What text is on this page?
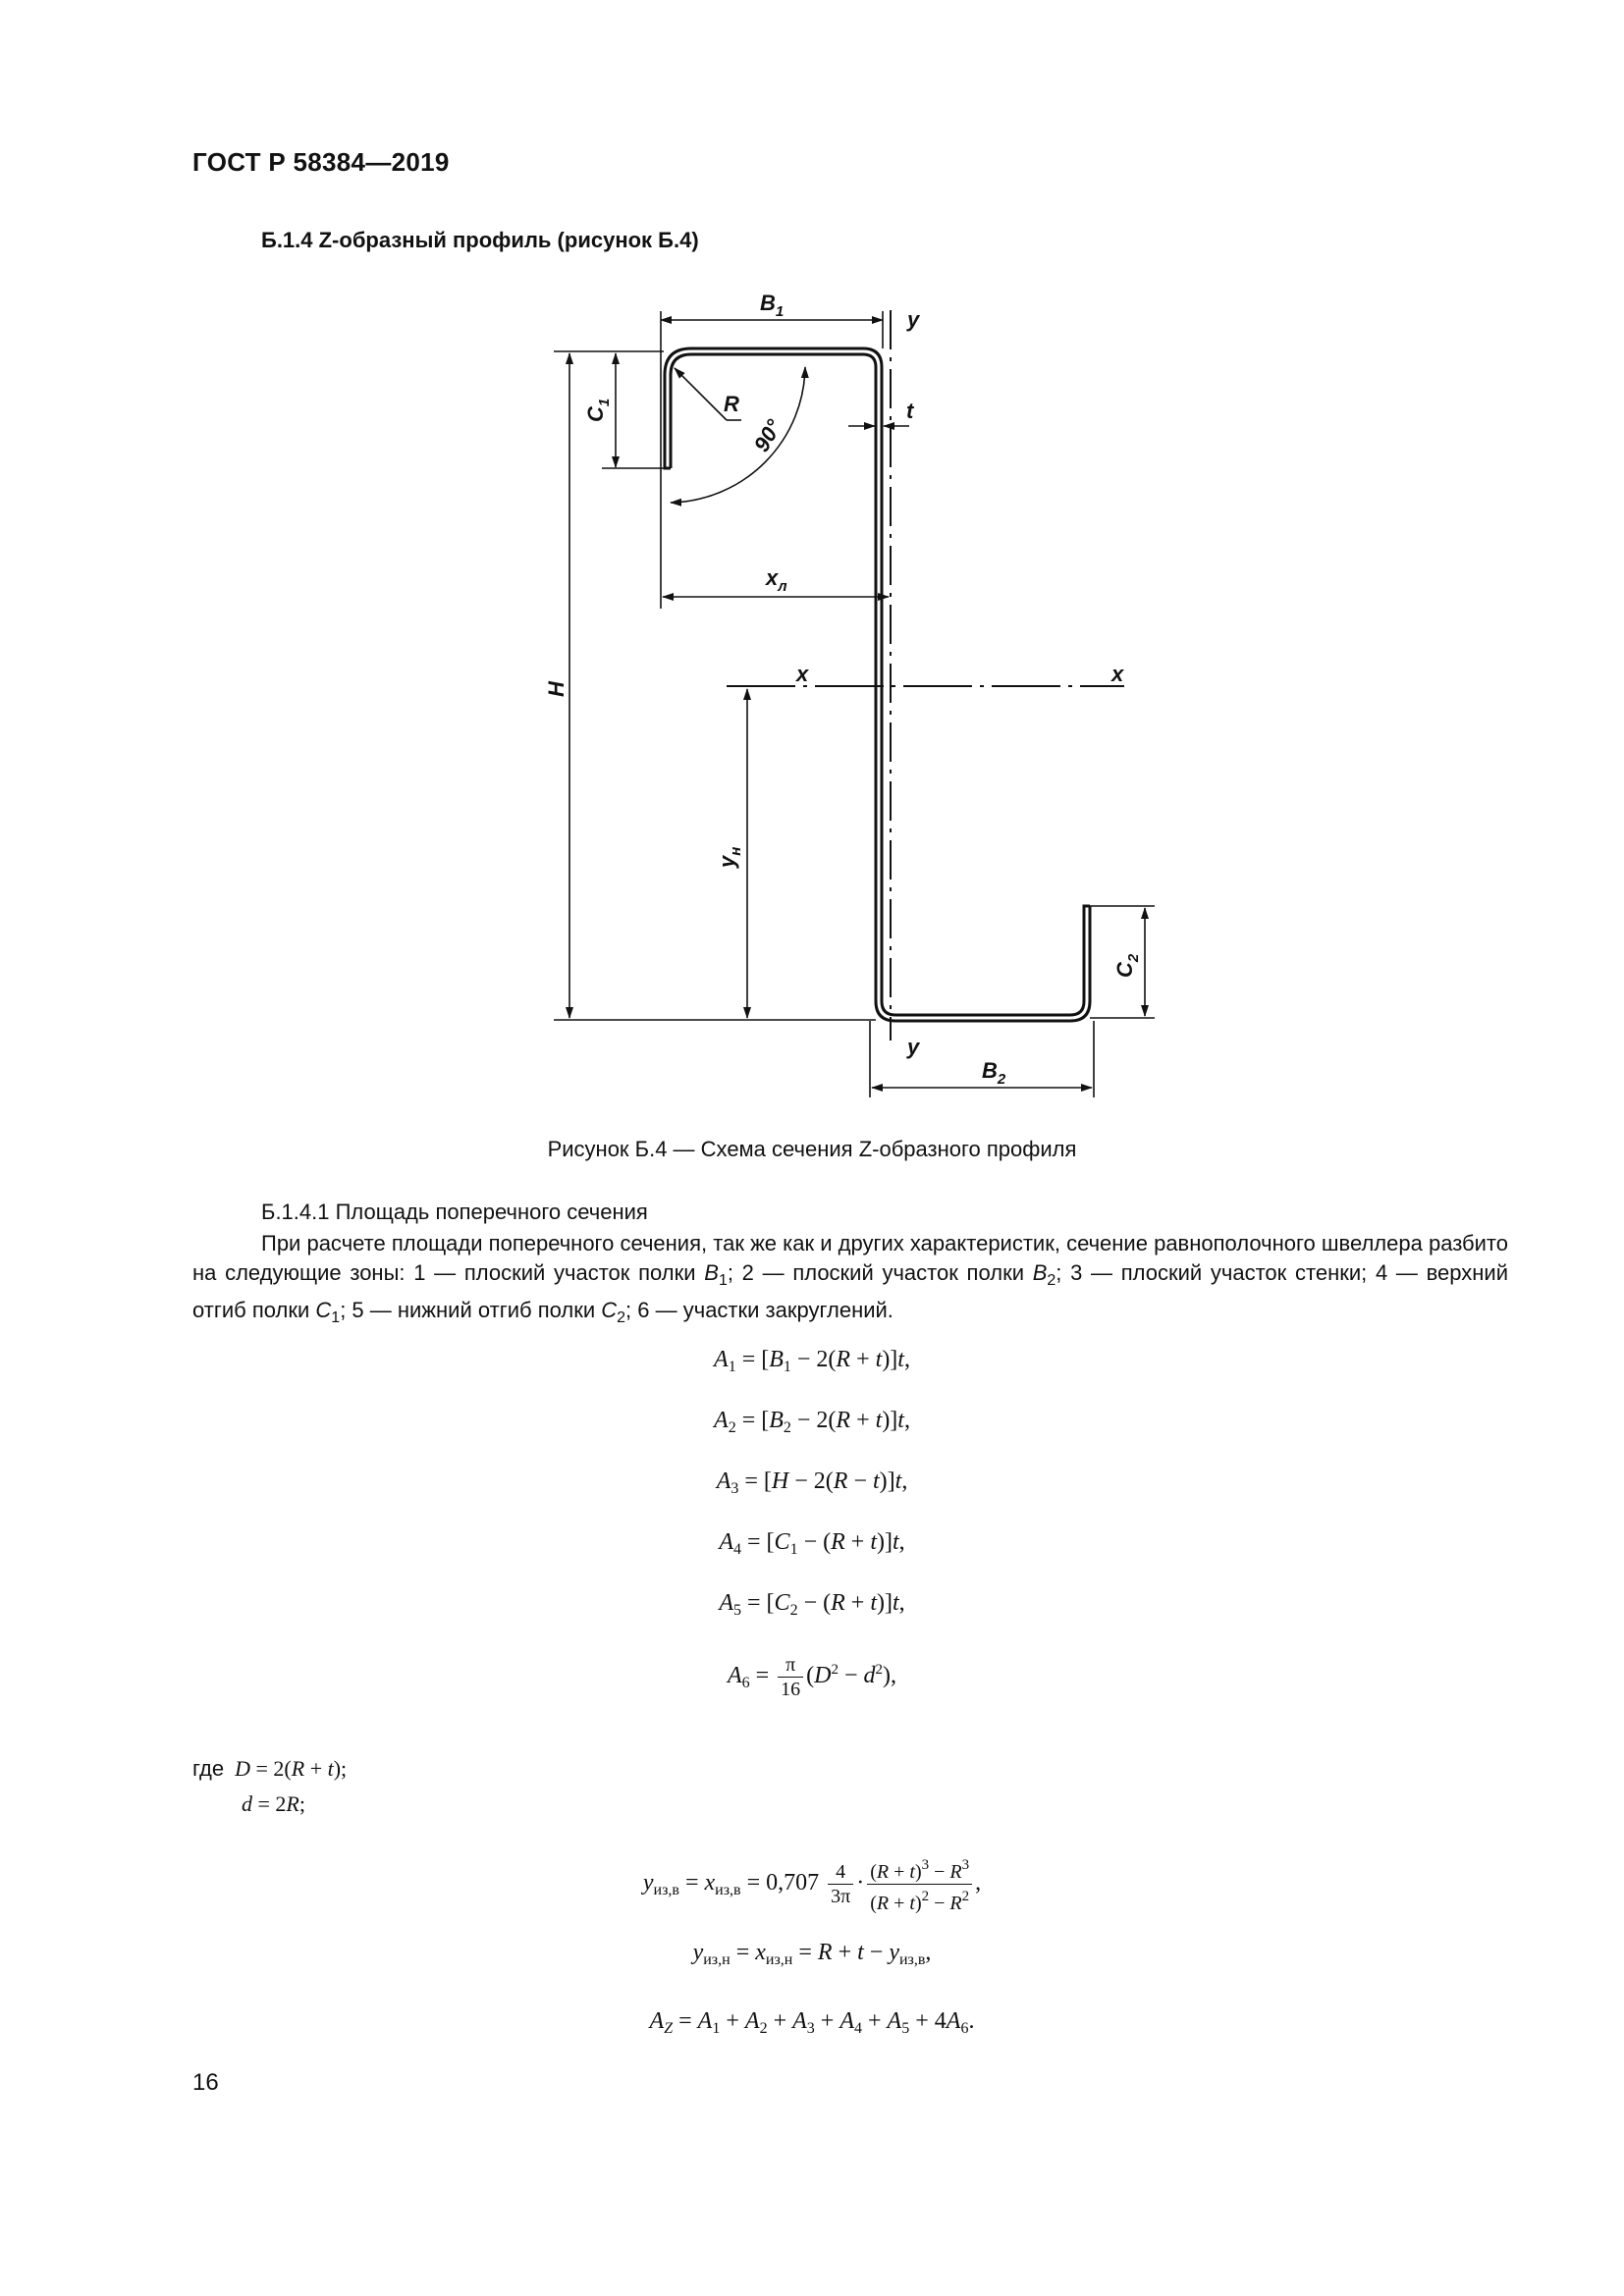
ГОСТ Р 58384—2019
Б.1.4 Z-образный профиль (рисунок Б.4)
$B_1$	y
R	t
90°
$C_1$
$x_л$
x	x
H
$y_н$
$C_2$
y
$B_2$
Рисунок Б.4 — Схема сечения Z-образного профиля
Б.1.4.1 Площадь поперечного сечения
При расчете площади поперечного сечения, так же как и других характеристик, сечение равнополочного швеллера разбито на следующие зоны: 1 — плоский участок полки $B_1$; 2 — плоский участок полки $B_2$; 3 — плоский участок стенки; 4 — верхний отгиб полки $C_1$; 5 — нижний отгиб полки $C_2$; 6 — участки закруглений.
$A_1 = [B_1 - 2(R + t)]t$,
$A_2 = [B_2 - 2(R + t)]t$,
$A_3 = [H - 2(R - t)]t$,
$A_4 = [C_1 - (R + t)]t$,
$A_5 = [C_2 - (R + t)]t$,
$A_6 = \frac{\pi}{16} (D^2 - d^2)$,
где D = 2(R + t);
d = 2R;
$y_{из,в} = x_{из,в} = 0,707 \frac{4}{3\pi} \cdot \frac{(R + t)^3 - R^3}{(R + t)^2 - R^2}$ ,
$y_{из,н} = x_{из,н} = R + t - y_{из,в}$,
$A_Z = A_1 + A_2 + A_3 + A_4 + A_5 + 4A_6$.
16
